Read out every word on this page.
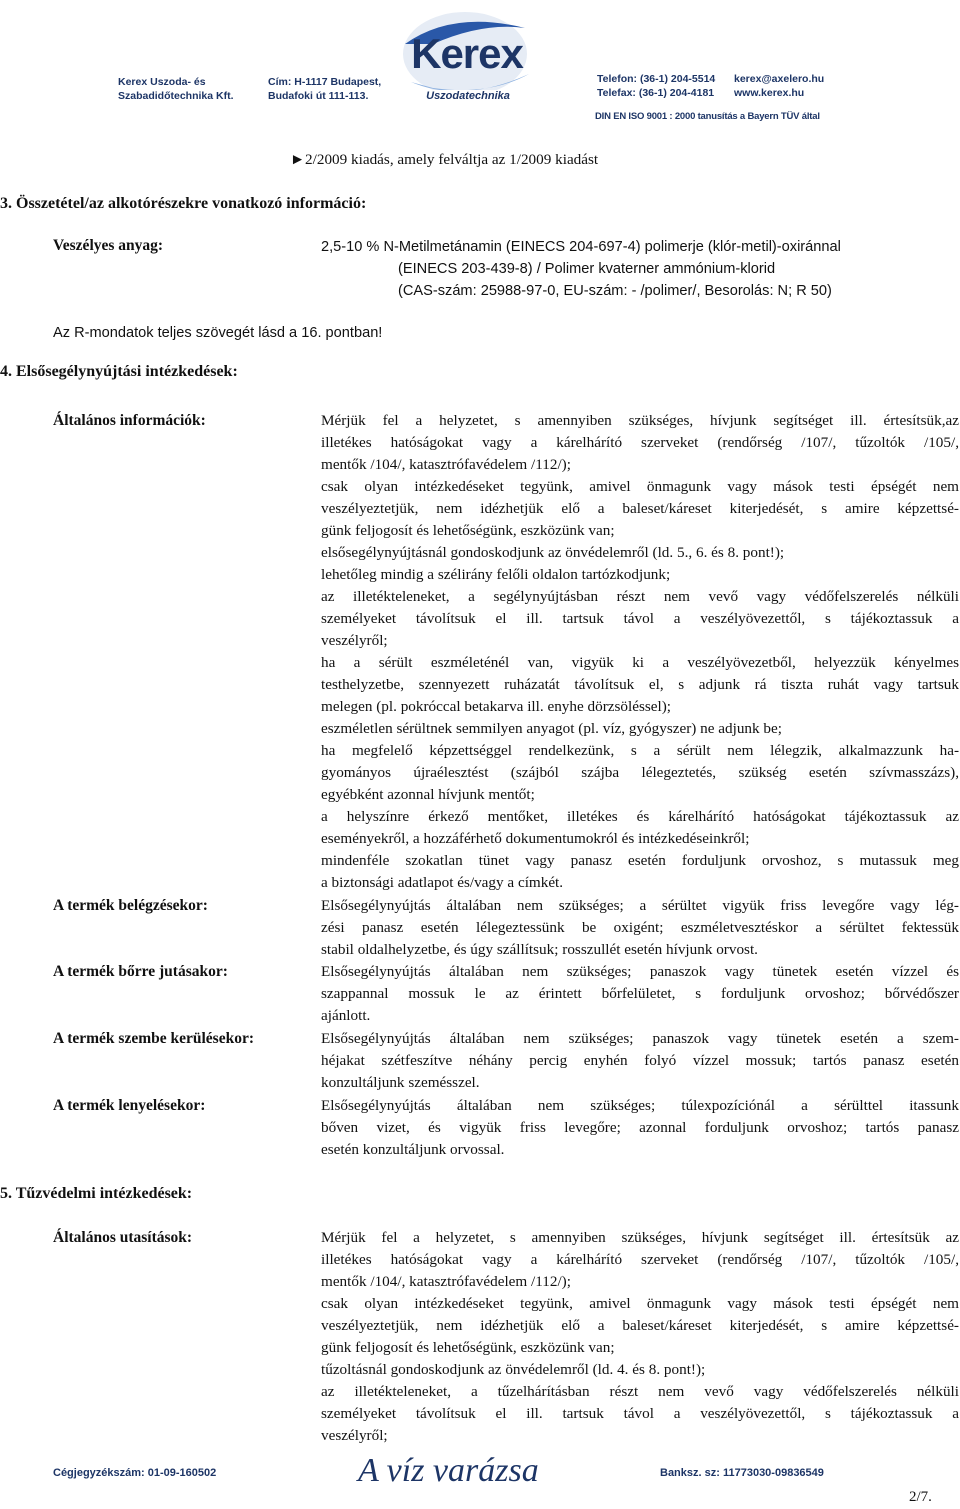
Kerex
Uszodatechnika
Kerex Uszoda- és
Szabadidőtechnika Kft.
Cím: H-1117 Budapest,
Budafoki út 111-113.
Telefon: (36-1) 204-5514
Telefax: (36-1) 204-4181
kerex@axelero.hu
www.kerex.hu
DIN EN ISO 9001 : 2000 tanusítás a Bayern TÜV által
►2/2009 kiadás, amely felváltja az 1/2009 kiadást
3. Összetétel/az alkotórészekre vonatkozó információ:
Veszélyes anyag:	2,5-10 % N-Metilmetánamin (EINECS 204-697-4) polimerje (klór-metil)-oxiránnal
(EINECS 203-439-8) / Polimer kvaterner ammónium-klorid
(CAS-szám: 25988-97-0, EU-szám: - /polimer/, Besorolás: N; R 50)
Az R-mondatok teljes szövegét lásd a 16. pontban!
4. Elsősegélynyújtási intézkedések:
Általános információk:	Mérjük fel a helyzetet, s amennyiben szükséges, hívjunk segítséget ill. értesítsük,az
illetékes hatóságokat vagy a kárelhárító szerveket (rendőrség /107/, tűzoltók /105/,
mentők /104/, katasztrófavédelem /112/);
csak olyan intézkedéseket tegyünk, amivel önmagunk vagy mások testi épségét nem
veszélyeztetjük, nem idézhetjük elő a baleset/káreset kiterjedését, s amire képzettsé-
günk feljogosít és lehetőségünk, eszközünk van;
elsősegélynyújtásnál gondoskodjunk az önvédelemről (ld. 5., 6. és 8. pont!);
lehetőleg mindig a szélirány felőli oldalon tartózkodjunk;
az illetékteleneket, a segélynyújtásban részt nem vevő vagy védőfelszerelés nélküli
személyeket távolítsuk el ill. tartsuk távol a veszélyövezettől, s tájékoztassuk a
veszélyről;
ha a sérült eszméleténél van, vigyük ki a veszélyövezetből, helyezzük kényelmes
testhelyzetbe, szennyezett ruházatát távolítsuk el, s adjunk rá tiszta ruhát vagy tartsuk
melegen (pl. pokróccal betakarva ill. enyhe dörzsöléssel);
eszméletlen sérültnek semmilyen anyagot (pl. víz, gyógyszer) ne adjunk be;
ha megfelelő képzettséggel rendelkezünk, s a sérült nem lélegzik, alkalmazzunk ha-
gyományos újraélesztést (szájból szájba lélegeztetés, szükség esetén szívmasszázs),
egyébként azonnal hívjunk mentőt;
a helyszínre érkező mentőket, illetékes és kárelhárító hatóságokat tájékoztassuk az
eseményekről, a hozzáférhető dokumentumokról és intézkedéseinkről;
mindenféle szokatlan tünet vagy panasz esetén forduljunk orvoshoz, s mutassuk meg
a biztonsági adatlapot és/vagy a címkét.
A termék belégzésekor:	Elsősegélynyújtás általában nem szükséges; a sérültet vigyük friss levegőre vagy lég-
zési panasz esetén lélegeztessünk be oxigént; eszméletvesztéskor a sérültet fektessük
stabil oldalhelyzetbe, és úgy szállítsuk; rosszullét esetén hívjunk orvost.
A termék bőrre jutásakor:	Elsősegélynyújtás általában nem szükséges; panaszok vagy tünetek esetén vízzel és
szappannal mossuk le az érintett bőrfelületet, s forduljunk orvoshoz; bőrvédőszer
ajánlott.
A termék szembe kerülésekor:	Elsősegélynyújtás általában nem szükséges; panaszok vagy tünetek esetén a szem-
héjakat szétfeszítve néhány percig enyhén folyó vízzel mossuk; tartós panasz esetén
konzultáljunk szemésszel.
A termék lenyelésekor:	Elsősegélynyújtás általában nem szükséges; túlexpozíciónál a sérülttel itassunk
bőven vizet, és vigyük friss levegőre; azonnal forduljunk orvoshoz; tartós panasz
esetén konzultáljunk orvossal.
5. Tűzvédelmi intézkedések:
Általános utasítások:	Mérjük fel a helyzetet, s amennyiben szükséges, hívjunk segítséget ill. értesítsük az
illetékes hatóságokat vagy a kárelhárító szerveket (rendőrség /107/, tűzoltók /105/,
mentők /104/, katasztrófavédelem /112/);
csak olyan intézkedéseket tegyünk, amivel önmagunk vagy mások testi épségét nem
veszélyeztetjük, nem idézhetjük elő a baleset/káreset kiterjedését, s amire képzettsé-
günk feljogosít és lehetőségünk, eszközünk van;
tűzoltásnál gondoskodjunk az önvédelemről (ld. 4. és 8. pont!);
az illetékteleneket, a tűzelhárításban részt nem vevő vagy védőfelszerelés nélküli
személyeket távolítsuk el ill. tartsuk távol a veszélyövezettől, s tájékoztassuk a
veszélyről;
Cégjegyzékszám: 01-09-160502	A víz varázsa	Banksz. sz: 11773030-09836549
2/7.
